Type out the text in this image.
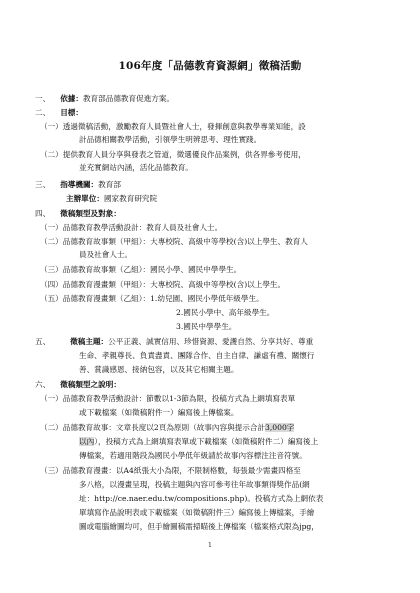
106年度「品德教育資源網」徵稿活動
一、 依據：教育部品德教育促進方案。
二、 目標：
（一）透過徵稿活動，激勵教育人員暨社會人士，發揮創意與教學專業知能，設
計品德相關教學活動，引領學生明辨思考、理性實踐。
（二）提供教育人員分享與發表之管道，徵選優良作品案例，供各界參考使用，
並充實網站內涵，活化品德教育。
三、 指導機關：教育部
主辦單位：國家教育研究院
四、 徵稿類型及對象：
（一）品德教育教學活動設計：教育人員及社會人士。
（二）品德教育故事類（甲組）：大專校院、高級中等學校(含)以上學生、教育人
員及社會人士。
（三）品德教育故事類（乙組）：國民小學、國民中學學生。
（四）品德教育漫畫類（甲組）：大專校院、高級中等學校(含)以上學生。
（五）品德教育漫畫類（乙組）：1.幼兒園、國民小學低年級學生。
2.國民小學中、高年級學生。
3.國民中學學生。
五、	徵稿主題：公平正義、誠實信用、珍惜資源、愛護自然、分享共好、尊重
生命、孝親尊長、負責盡責、團隊合作、自主自律、謙虛有禮、關懷行
善、賞識感恩、接納包容，以及其它相關主題。
六、 徵稿類型之說明：
（一）品德教育教學活動設計：節數以1-3節為限，投稿方式為上網填寫表單
或下載檔案（如徵稿附件一）編寫後上傳檔案。
（二）品德教育故事：文章長度以2頁為原則（故事內容與提示合計3,000字
以內），投稿方式為上網填寫表單或下載檔案（如徵稿附件二）編寫後上
傳檔案，若適用階段為國民小學低年級請於故事內容標注注音符號。
（三）品德教育漫畫：以A4紙張大小為限，不限制格數，每張最少需畫四格至
多八格，以漫畫呈現，投稿主題與內容可參考往年故事類得獎作品(網
址：http://ce.naer.edu.tw/compositions.php)。投稿方式為上網依表
單填寫作品說明表或下載檔案（如徵稿附件三）編寫後上傳檔案，手繪
圖或電腦繪圖均可，但手繪圖稿需掃瞄後上傳檔案（檔案格式限為jpg，
1
